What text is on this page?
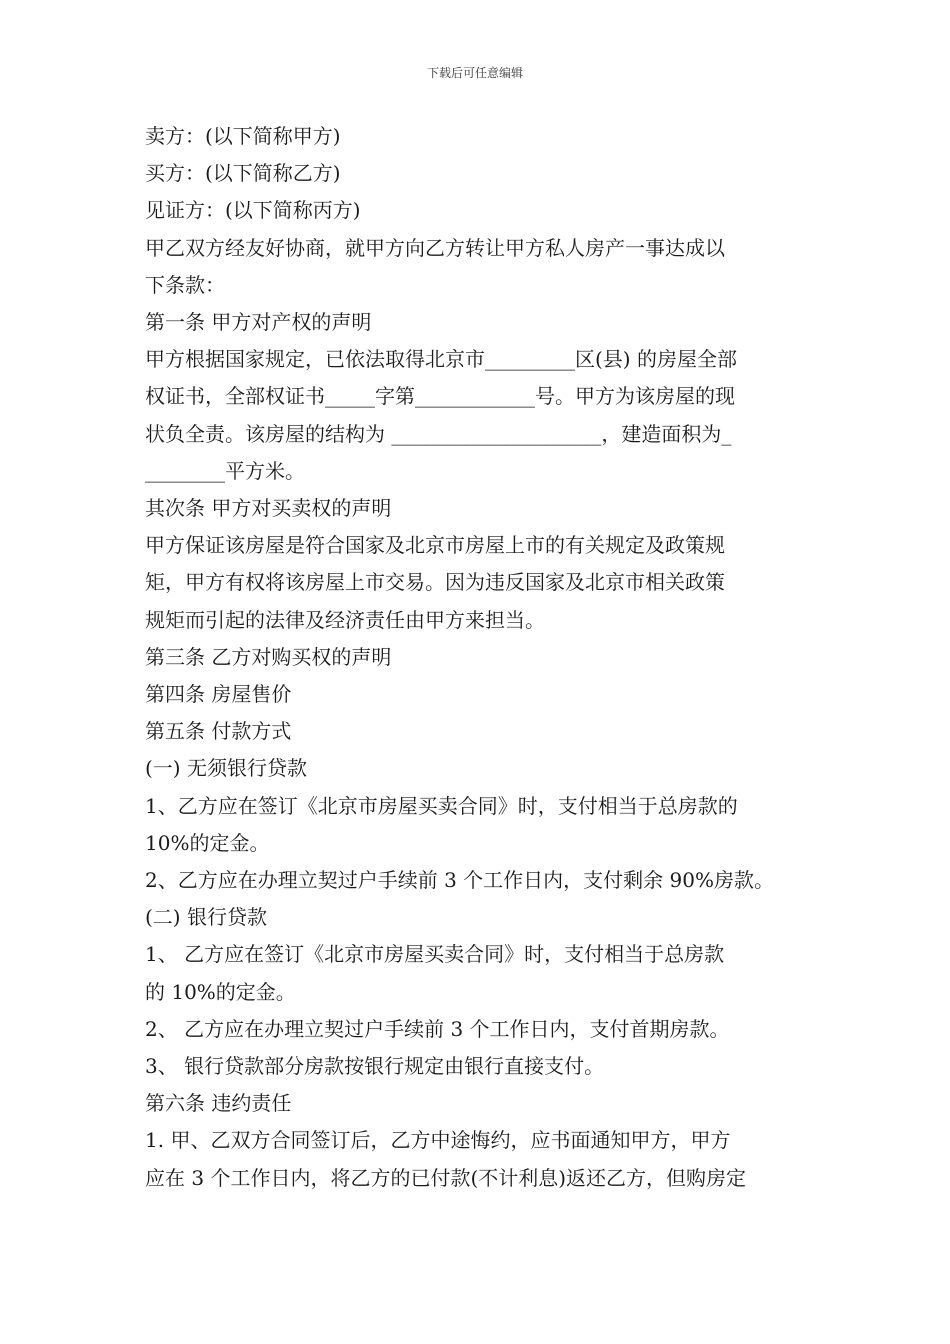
下载后可任意编辑

卖方：(以下简称甲方)

买方：(以下简称乙方)

见证方：(以下简称丙方)

甲乙双方经友好协商，就甲方向乙方转让甲方私人房产一事达成以

下条款：

第一条 甲方对产权的声明

甲方根据国家规定，已依法取得北京市_________区(县) 的房屋全部

权证书，全部权证书_____字第____________号。甲方为该房屋的现

状负全责。该房屋的结构为 _____________________，建造面积为_

________平方米。

其次条 甲方对买卖权的声明

甲方保证该房屋是符合国家及北京市房屋上市的有关规定及政策规

矩，甲方有权将该房屋上市交易。因为违反国家及北京市相关政策

规矩而引起的法律及经济责任由甲方来担当。

第三条 乙方对购买权的声明

第四条 房屋售价

第五条 付款方式

(一) 无须银行贷款

1、乙方应在签订《北京市房屋买卖合同》时，支付相当于总房款的

10%的定金。

2、乙方应在办理立契过户手续前 3 个工作日内，支付剩余 90%房款。

(二) 银行贷款

1、 乙方应在签订《北京市房屋买卖合同》时，支付相当于总房款

的 10%的定金。

2、 乙方应在办理立契过户手续前 3 个工作日内，支付首期房款。

3、 银行贷款部分房款按银行规定由银行直接支付。

第六条 违约责任

1. 甲、乙双方合同签订后，乙方中途悔约，应书面通知甲方，甲方

应在 3 个工作日内，将乙方的已付款(不计利息)返还乙方，但购房定
